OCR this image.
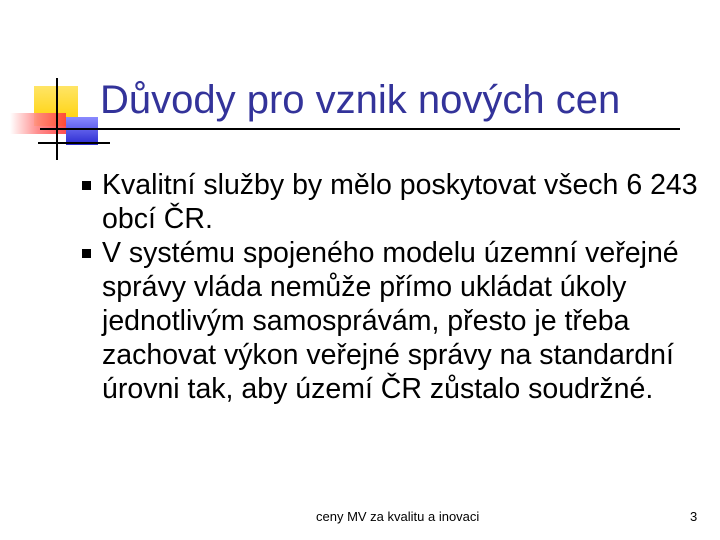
Důvody pro vznik nových cen
Kvalitní služby by mělo poskytovat všech 6 243 obcí ČR.
V systému spojeného modelu územní veřejné správy vláda nemůže přímo ukládat úkoly jednotlivým samosprávám, přesto je třeba zachovat výkon veřejné správy na standardní úrovni tak, aby území ČR zůstalo soudržné.
ceny MV za kvalitu a inovaci	3
